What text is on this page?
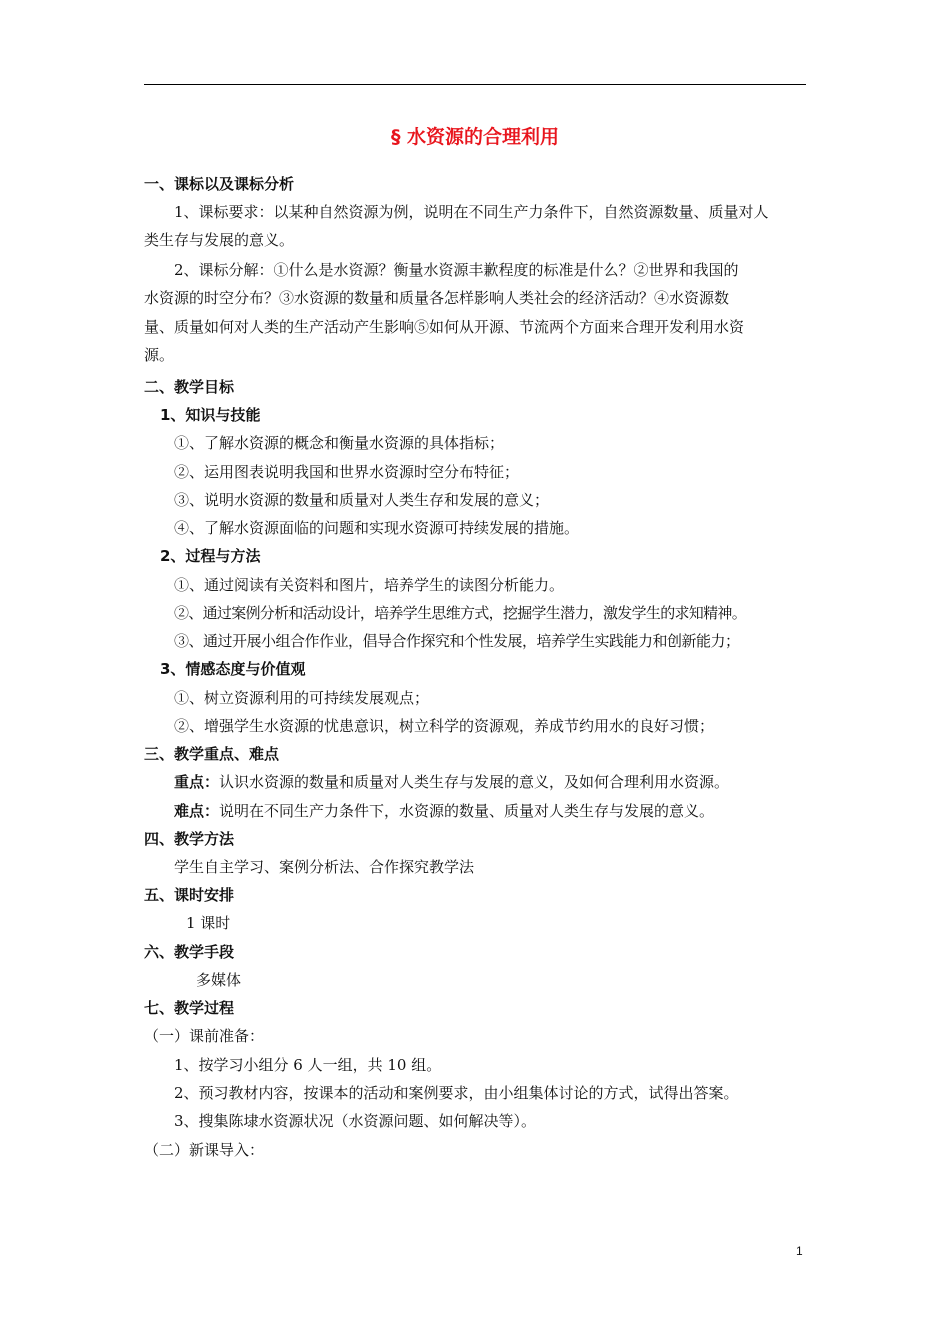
§ 水资源的合理利用
一、课标以及课标分析
1、课标要求：以某种自然资源为例，说明在不同生产力条件下，自然资源数量、质量对人
类生存与发展的意义。
2、课标分解：①什么是水资源？衡量水资源丰歉程度的标准是什么？②世界和我国的
水资源的时空分布？③水资源的数量和质量各怎样影响人类社会的经济活动？④水资源数
量、质量如何对人类的生产活动产生影响⑤如何从开源、节流两个方面来合理开发利用水资
源。
二、教学目标
1、知识与技能
①、了解水资源的概念和衡量水资源的具体指标；
②、运用图表说明我国和世界水资源时空分布特征；
③、说明水资源的数量和质量对人类生存和发展的意义；
④、了解水资源面临的问题和实现水资源可持续发展的措施。
2、过程与方法
①、通过阅读有关资料和图片，培养学生的读图分析能力。
②、通过案例分析和活动设计，培养学生思维方式，挖掘学生潜力，激发学生的求知精神。
③、通过开展小组合作作业，倡导合作探究和个性发展，培养学生实践能力和创新能力；
3、情感态度与价值观
①、树立资源利用的可持续发展观点；
②、增强学生水资源的忧患意识，树立科学的资源观，养成节约用水的良好习惯；
三、教学重点、难点
重点：认识水资源的数量和质量对人类生存与发展的意义，及如何合理利用水资源。
难点：说明在不同生产力条件下，水资源的数量、质量对人类生存与发展的意义。
四、教学方法
学生自主学习、案例分析法、合作探究教学法
五、课时安排
1 课时
六、教学手段
多媒体
七、教学过程
（一）课前准备：
1、按学习小组分 6 人一组，共 10 组。
2、预习教材内容，按课本的活动和案例要求，由小组集体讨论的方式，试得出答案。
3、搜集陈埭水资源状况（水资源问题、如何解决等）。
（二）新课导入：
1
